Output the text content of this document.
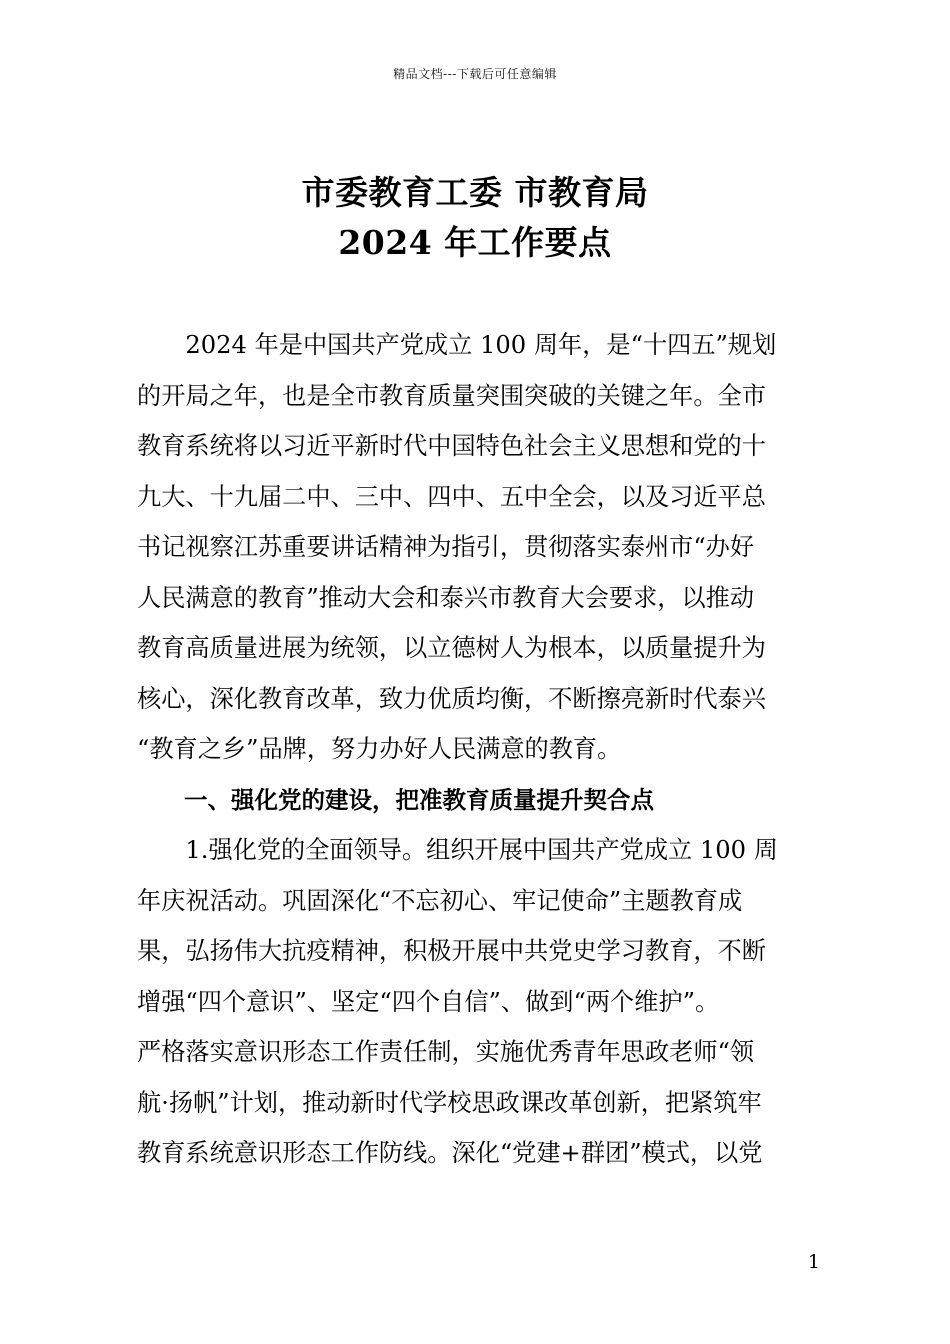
精品文档---下载后可任意编辑
市委教育工委 市教育局
2024 年工作要点
　　2024 年是中国共产党成立 100 周年，是“十四五”规划
的开局之年，也是全市教育质量突围突破的关键之年。全市
教育系统将以习近平新时代中国特色社会主义思想和党的十
九大、十九届二中、三中、四中、五中全会，以及习近平总
书记视察江苏重要讲话精神为指引，贯彻落实泰州市“办好
人民满意的教育”推动大会和泰兴市教育大会要求，以推动
教育高质量进展为统领，以立德树人为根本，以质量提升为
核心，深化教育改革，致力优质均衡，不断擦亮新时代泰兴
“教育之乡”品牌，努力办好人民满意的教育。
　　一、强化党的建设，把准教育质量提升契合点
　　1.强化党的全面领导。组织开展中国共产党成立 100 周
年庆祝活动。巩固深化“不忘初心、牢记使命”主题教育成
果，弘扬伟大抗疫精神，积极开展中共党史学习教育，不断
增强“四个意识”、坚定“四个自信”、做到“两个维护”。
严格落实意识形态工作责任制，实施优秀青年思政老师“领
航·扬帆”计划，推动新时代学校思政课改革创新，把紧筑牢
教育系统意识形态工作防线。深化“党建+群团”模式，以党
1
